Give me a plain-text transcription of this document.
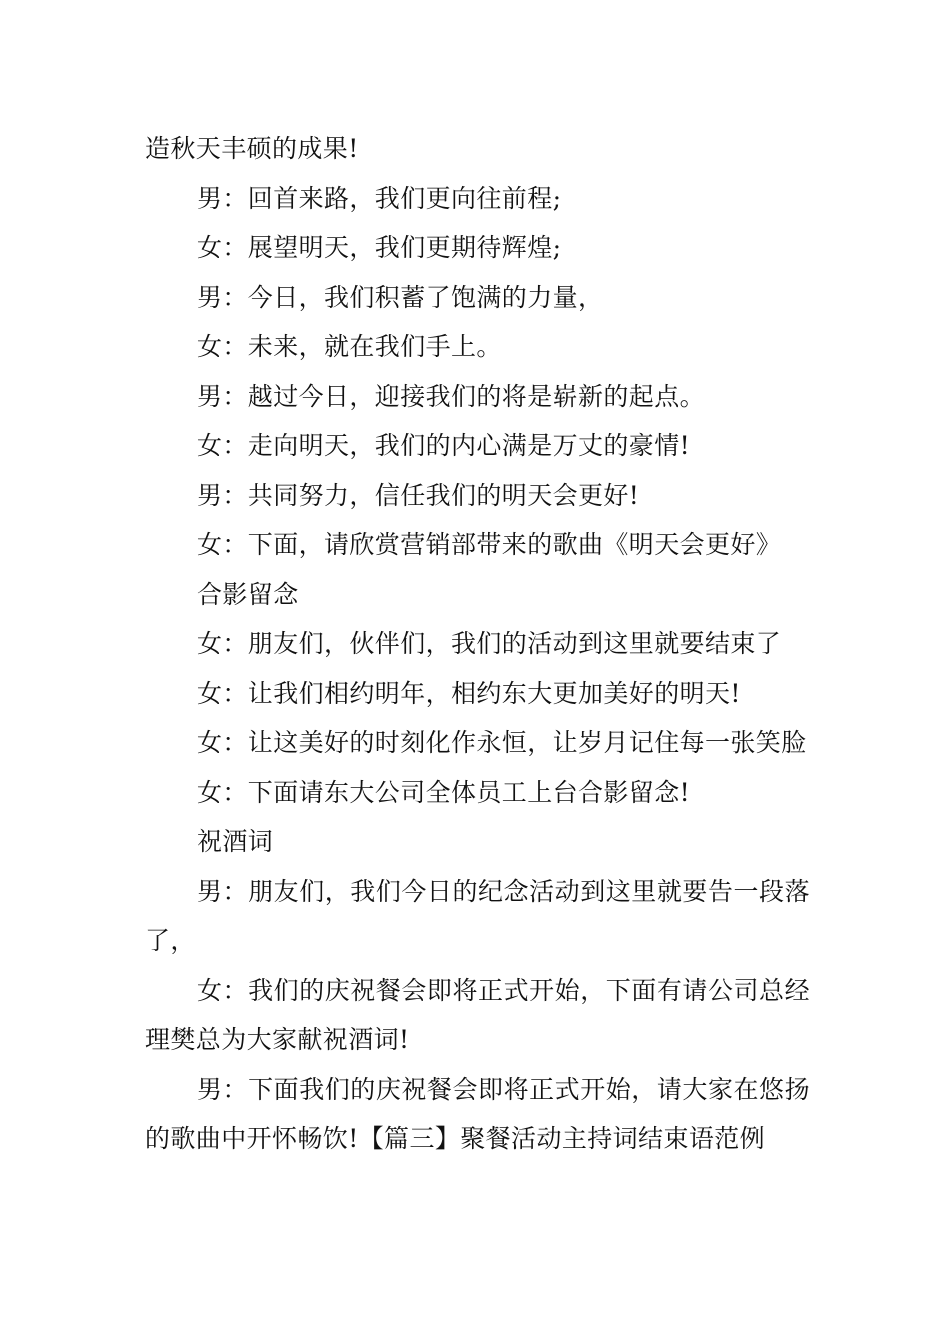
造秋天丰硕的成果!

男：回首来路，我们更向往前程;

女：展望明天，我们更期待辉煌;

男：今日，我们积蓄了饱满的力量，

女：未来，就在我们手上。

男：越过今日，迎接我们的将是崭新的起点。

女：走向明天，我们的内心满是万丈的豪情!

男：共同努力，信任我们的明天会更好!

女：下面，请欣赏营销部带来的歌曲《明天会更好》

合影留念

女：朋友们，伙伴们，我们的活动到这里就要结束了

女：让我们相约明年，相约东大更加美好的明天!

女：让这美好的时刻化作永恒，让岁月记住每一张笑脸

女：下面请东大公司全体员工上台合影留念!

祝酒词

男：朋友们，我们今日的纪念活动到这里就要告一段落了，

女：我们的庆祝餐会即将正式开始，下面有请公司总经理樊总为大家献祝酒词!

男：下面我们的庆祝餐会即将正式开始，请大家在悠扬的歌曲中开怀畅饮!【篇三】聚餐活动主持词结束语范例
